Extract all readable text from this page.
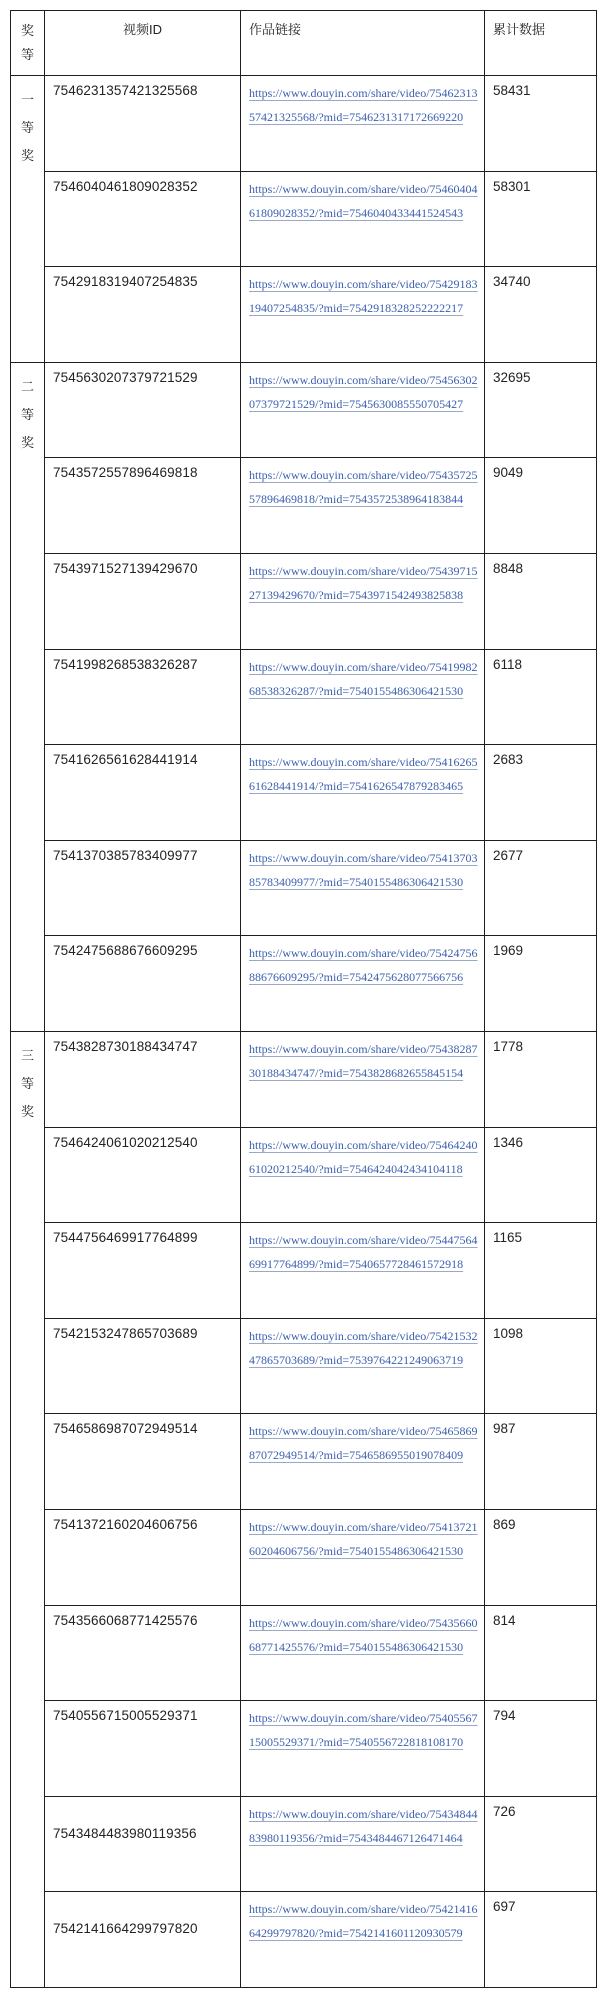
奖
等	视频ID	作品链接	累计数据

一
等
奖	7546231357421325568	https://www.douyin.com/share/video/7546231357421325568/?mid=7546231317172669220	58431
	7546040461809028352	https://www.douyin.com/share/video/7546040461809028352/?mid=7546040433441524543	58301
	7542918319407254835	https://www.douyin.com/share/video/7542918319407254835/?mid=7542918328252222217	34740

二
等
奖	7545630207379721529	https://www.douyin.com/share/video/7545630207379721529/?mid=7545630085550705427	32695
	7543572557896469818	https://www.douyin.com/share/video/7543572557896469818/?mid=7543572538964183844	9049
	7543971527139429670	https://www.douyin.com/share/video/7543971527139429670/?mid=7543971542493825838	8848
	7541998268538326287	https://www.douyin.com/share/video/7541998268538326287/?mid=7540155486306421530	6118
	7541626561628441914	https://www.douyin.com/share/video/7541626561628441914/?mid=7541626547879283465	2683
	7541370385783409977	https://www.douyin.com/share/video/7541370385783409977/?mid=7540155486306421530	2677
	7542475688676609295	https://www.douyin.com/share/video/7542475688676609295/?mid=7542475628077566756	1969

三
等
奖	7543828730188434747	https://www.douyin.com/share/video/7543828730188434747/?mid=7543828682655845154	1778
	7546424061020212540	https://www.douyin.com/share/video/7546424061020212540/?mid=7546424042434104118	1346
	7544756469917764899	https://www.douyin.com/share/video/7544756469917764899/?mid=7540657728461572918	1165
	7542153247865703689	https://www.douyin.com/share/video/7542153247865703689/?mid=7539764221249063719	1098
	7546586987072949514	https://www.douyin.com/share/video/7546586987072949514/?mid=7546586955019078409	987
	7541372160204606756	https://www.douyin.com/share/video/7541372160204606756/?mid=7540155486306421530	869
	7543566068771425576	https://www.douyin.com/share/video/7543566068771425576/?mid=7540155486306421530	814
	7540556715005529371	https://www.douyin.com/share/video/7540556715005529371/?mid=7540556722818108170	794
	7543484483980119356	https://www.douyin.com/share/video/7543484483980119356/?mid=7543484467126471464	726
	7542141664299797820	https://www.douyin.com/share/video/7542141664299797820/?mid=7542141601120930579	697
